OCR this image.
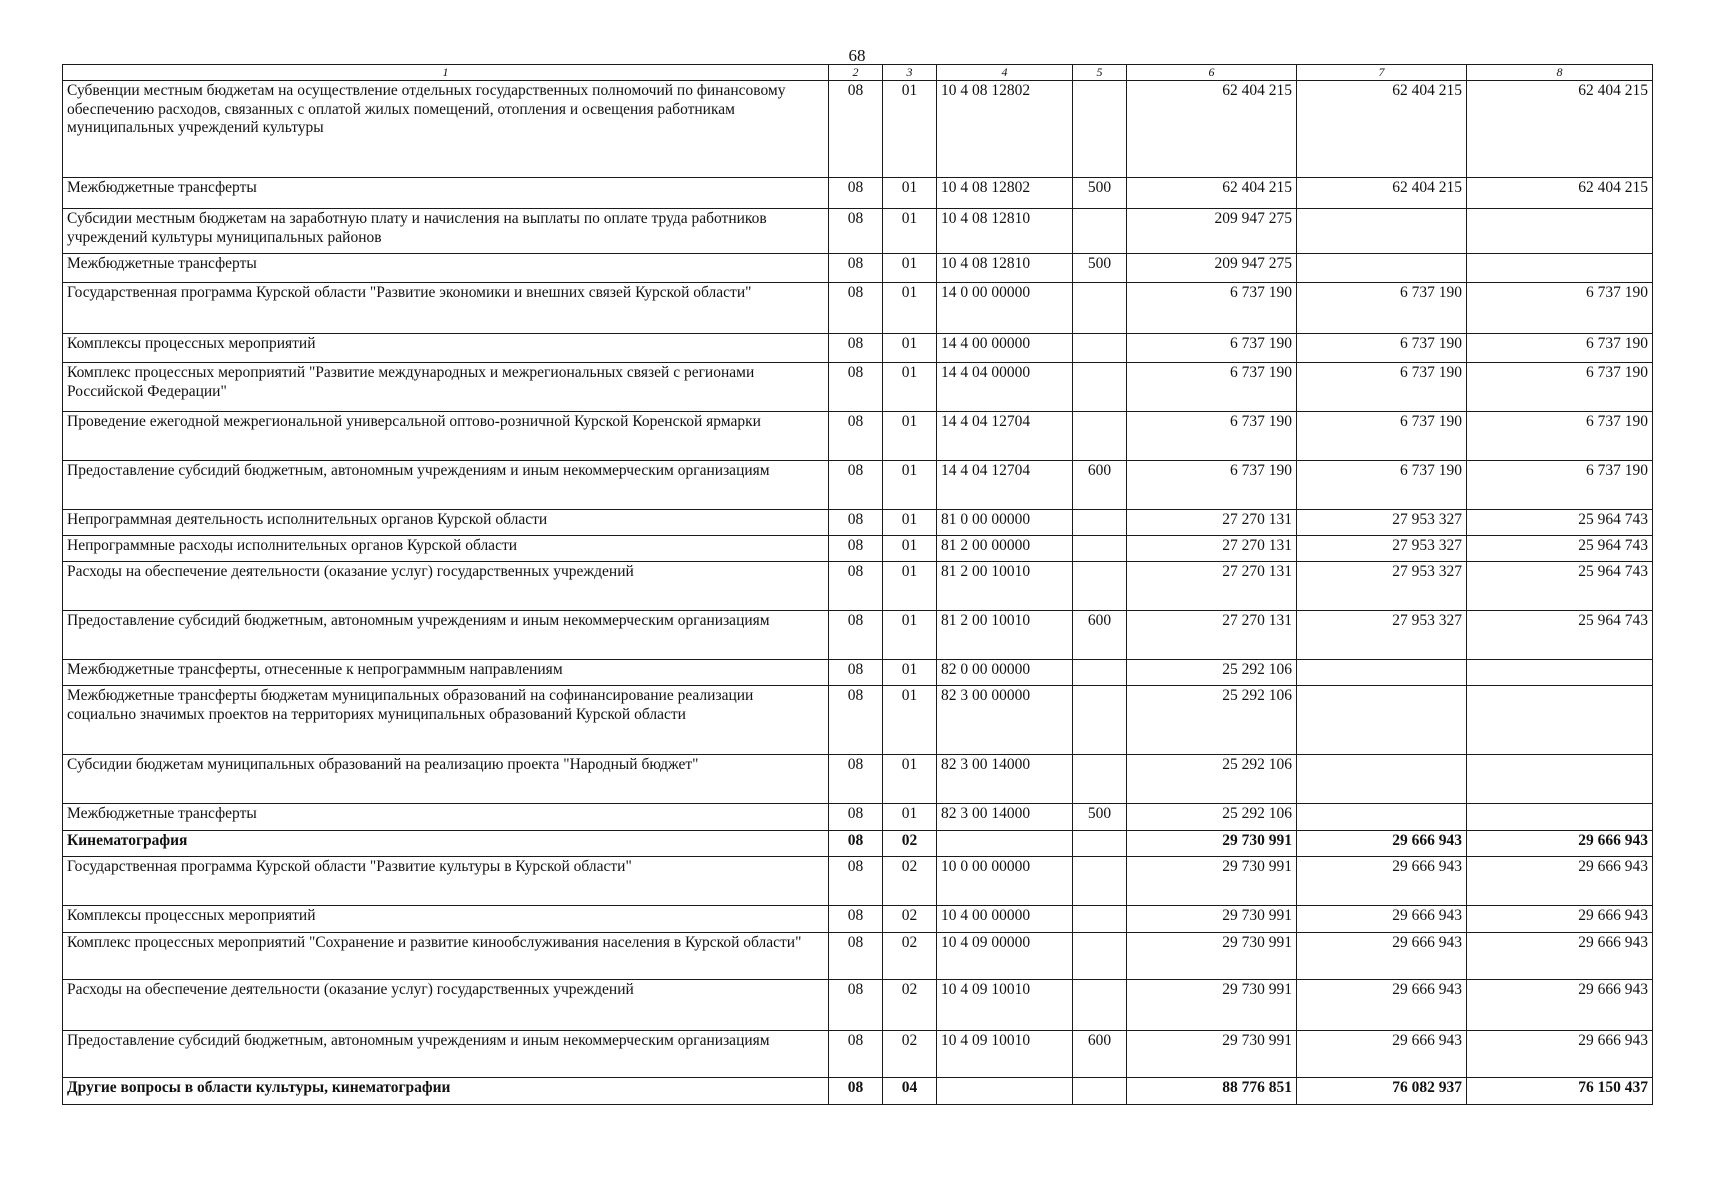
68
1	2	3	4	5	6	7	8
Субвенции местным бюджетам на осуществление отдельных государственных полномочий по финансовому обеспечению расходов, связанных с оплатой жилых помещений, отопления и освещения работникам муниципальных учреждений культуры	08	01	10 4 08 12802		62 404 215	62 404 215	62 404 215
Межбюджетные трансферты	08	01	10 4 08 12802	500	62 404 215	62 404 215	62 404 215
Субсидии местным бюджетам на заработную плату и начисления на выплаты по оплате труда работников учреждений культуры муниципальных районов	08	01	10 4 08 12810		209 947 275		
Межбюджетные трансферты	08	01	10 4 08 12810	500	209 947 275		
Государственная программа Курской области "Развитие экономики и внешних связей Курской области"	08	01	14 0 00 00000		6 737 190	6 737 190	6 737 190
Комплексы процессных мероприятий	08	01	14 4 00 00000		6 737 190	6 737 190	6 737 190
Комплекс процессных мероприятий "Развитие международных и межрегиональных связей с регионами Российской Федерации"	08	01	14 4 04 00000		6 737 190	6 737 190	6 737 190
Проведение ежегодной межрегиональной универсальной оптово-розничной Курской Коренской ярмарки	08	01	14 4 04 12704		6 737 190	6 737 190	6 737 190
Предоставление субсидий бюджетным, автономным учреждениям и иным некоммерческим организациям	08	01	14 4 04 12704	600	6 737 190	6 737 190	6 737 190
Непрограммная деятельность исполнительных органов Курской области	08	01	81 0 00 00000		27 270 131	27 953 327	25 964 743
Непрограммные расходы исполнительных органов Курской области	08	01	81 2 00 00000		27 270 131	27 953 327	25 964 743
Расходы на обеспечение деятельности (оказание услуг) государственных учреждений	08	01	81 2 00 10010		27 270 131	27 953 327	25 964 743
Предоставление субсидий бюджетным, автономным учреждениям и иным некоммерческим организациям	08	01	81 2 00 10010	600	27 270 131	27 953 327	25 964 743
Межбюджетные трансферты, отнесенные к непрограммным направлениям	08	01	82 0 00 00000		25 292 106		
Межбюджетные трансферты бюджетам муниципальных образований на софинансирование реализации социально значимых проектов на территориях муниципальных образований Курской области	08	01	82 3 00 00000		25 292 106		
Субсидии бюджетам муниципальных образований на реализацию проекта "Народный бюджет"	08	01	82 3 00 14000		25 292 106		
Межбюджетные трансферты	08	01	82 3 00 14000	500	25 292 106		
Кинематография	08	02			29 730 991	29 666 943	29 666 943
Государственная программа Курской области "Развитие культуры в Курской области"	08	02	10 0 00 00000		29 730 991	29 666 943	29 666 943
Комплексы процессных мероприятий	08	02	10 4 00 00000		29 730 991	29 666 943	29 666 943
Комплекс процессных мероприятий "Сохранение и развитие кинообслуживания населения в Курской области"	08	02	10 4 09 00000		29 730 991	29 666 943	29 666 943
Расходы на обеспечение деятельности (оказание услуг) государственных учреждений	08	02	10 4 09 10010		29 730 991	29 666 943	29 666 943
Предоставление субсидий бюджетным, автономным учреждениям и иным некоммерческим организациям	08	02	10 4 09 10010	600	29 730 991	29 666 943	29 666 943
Другие вопросы в области культуры, кинематографии	08	04			88 776 851	76 082 937	76 150 437
